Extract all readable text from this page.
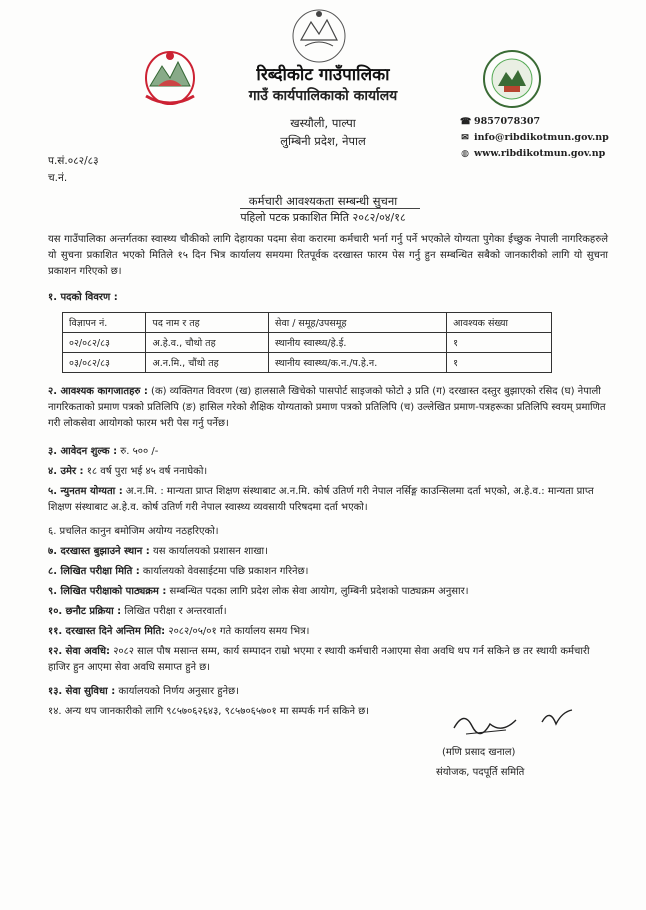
रिब्दीकोट गाउँपालिका
गाउँ कार्यपालिकाको कार्यालय
खस्यौली, पाल्पा
लुम्बिनी प्रदेश, नेपाल
☎ 9857078307
✉ info@ribdikotmun.gov.np
◍ www.ribdikotmun.gov.np
प.सं.०८२/८३
च.नं.
कर्मचारी आवश्यकता सम्बन्धी सुचना
पहिलो पटक प्रकाशित मिति २०८२/०४/१८
यस गाउँपालिका अन्तर्गतका स्वास्थ्य चौकीको लागि देहायका पदमा सेवा करारमा कर्मचारी भर्ना गर्नु पर्ने भएकोले योग्यता पुगेका ईच्छुक नेपाली नागरिकहरुले यो सुचना प्रकाशित भएको मितिले १५ दिन भित्र कार्यालय समयमा रितपूर्वक दरखास्त फारम पेस गर्नु हुन सम्बन्धित सबैको जानकारीको लागि यो सुचना प्रकाशन गरिएको छ।
१. पदको विवरण :
विज्ञापन नं.	पद नाम र तह	सेवा / समूह/उपसमूह	आवश्यक संख्या
०२/०८२/८३	अ.हे.व., चौथो तह	स्थानीय स्वास्थ्य/हे.ई.	१
०३/०८२/८३	अ.न.मि., चौंथो तह	स्थानीय स्वास्थ्य/क.न./प.हे.न.	१
२. आवश्यक कागजातहरु : (क) व्यक्तिगत विवरण (ख) हालसालै खिचेको पासपोर्ट साइजको फोटो ३ प्रति (ग) दरखास्त दस्तुर बुझाएको रसिद (घ) नेपाली नागरिकताको प्रमाण पत्रको प्रतिलिपि (ङ) हासिल गरेको शैक्षिक योग्यताको प्रमाण पत्रको प्रतिलिपि (च) उल्लेखित प्रमाण-पत्रहरूका प्रतिलिपि स्वयम् प्रमाणित गरी लोकसेवा आयोगको फारम भरी पेस गर्नु पर्नेछ।
३. आवेदन शुल्क : रु. ५०० /-
४. उमेर : १८ वर्ष पुरा भई ४५ वर्ष ननाघेको।
५. न्युनतम योग्यता : अ.न.मि. : मान्यता प्राप्त शिक्षण संस्थाबाट अ.न.मि. कोर्ष उतिर्ण गरी नेपाल नर्सिङ्ग काउन्सिलमा दर्ता भएको, अ.हे.व.: मान्यता प्राप्त शिक्षण संस्थाबाट अ.हे.व. कोर्ष उतिर्ण गरी नेपाल स्वास्थ्य व्यवसायी परिषदमा दर्ता भएको।
६. प्रचलित कानुन बमोजिम अयोग्य नठहरिएको।
७. दरखास्त बुझाउने स्थान : यस कार्यालयको प्रशासन शाखा।
८. लिखित परीक्षा मिति : कार्यालयको वेवसाईटमा पछि प्रकाशन गरिनेछ।
९. लिखित परीक्षाको पाठ्यक्रम : सम्बन्धित पदका लागि प्रदेश लोक सेवा आयोग, लुम्बिनी प्रदेशको पाठ्यक्रम अनुसार।
१०. छनौट प्रक्रिया : लिखित परीक्षा र अन्तरवार्ता।
११. दरखास्त दिने अन्तिम मिति: २०८२/०५/०१ गते कार्यालय समय भित्र।
१२. सेवा अवधि: २०८२ साल पौष मसान्त सम्म, कार्य सम्पादन राम्रो भएमा र स्थायी कर्मचारी नआएमा सेवा अवधि थप गर्न सकिने छ तर स्थायी कर्मचारी हाजिर हुन आएमा सेवा अवधि समाप्त हुने छ।
१३. सेवा सुविधा : कार्यालयको निर्णय अनुसार हुनेछ।
१४. अन्य थप जानकारीको लागि ९८५७०६२६४३, ९८५७०६५७०१ मा सम्पर्क गर्न सकिने छ।
(मणि प्रसाद खनाल)
संयोजक, पदपूर्ति समिति
